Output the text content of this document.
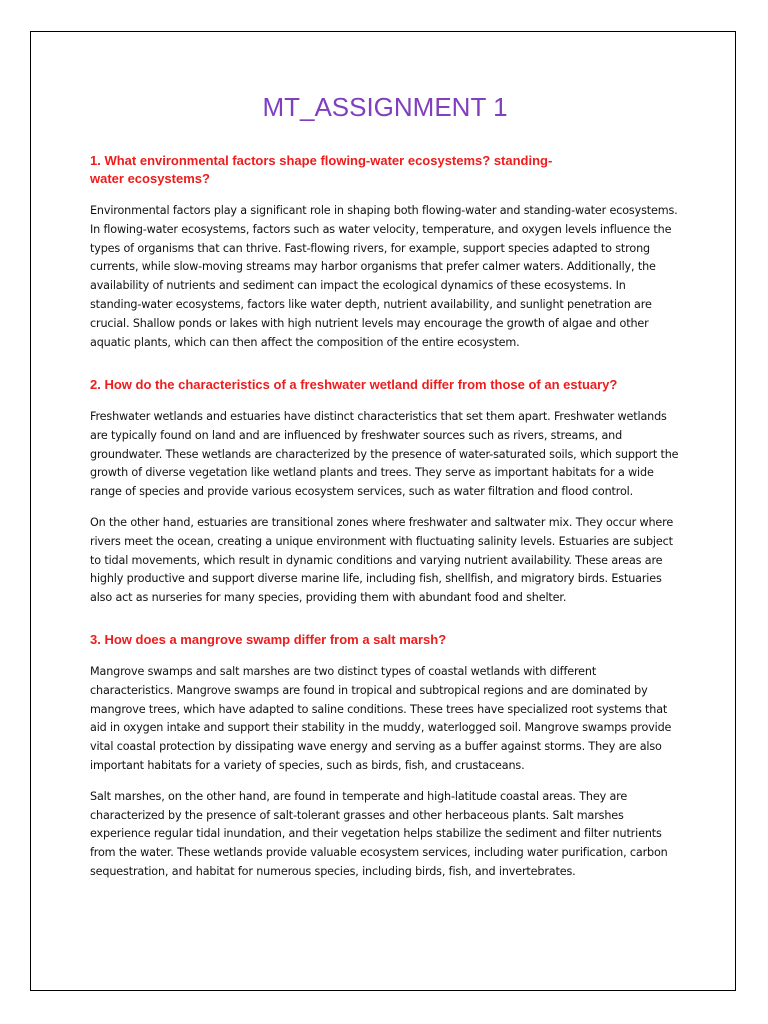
MT_ASSIGNMENT 1

1. What environmental factors shape flowing-water ecosystems? standing-water ecosystems?

Environmental factors play a significant role in shaping both flowing-water and standing-water ecosystems. In flowing-water ecosystems, factors such as water velocity, temperature, and oxygen levels influence the types of organisms that can thrive. Fast-flowing rivers, for example, support species adapted to strong currents, while slow-moving streams may harbor organisms that prefer calmer waters. Additionally, the availability of nutrients and sediment can impact the ecological dynamics of these ecosystems. In standing-water ecosystems, factors like water depth, nutrient availability, and sunlight penetration are crucial. Shallow ponds or lakes with high nutrient levels may encourage the growth of algae and other aquatic plants, which can then affect the composition of the entire ecosystem.

2. How do the characteristics of a freshwater wetland differ from those of an estuary?

Freshwater wetlands and estuaries have distinct characteristics that set them apart. Freshwater wetlands are typically found on land and are influenced by freshwater sources such as rivers, streams, and groundwater. These wetlands are characterized by the presence of water-saturated soils, which support the growth of diverse vegetation like wetland plants and trees. They serve as important habitats for a wide range of species and provide various ecosystem services, such as water filtration and flood control.

On the other hand, estuaries are transitional zones where freshwater and saltwater mix. They occur where rivers meet the ocean, creating a unique environment with fluctuating salinity levels. Estuaries are subject to tidal movements, which result in dynamic conditions and varying nutrient availability. These areas are highly productive and support diverse marine life, including fish, shellfish, and migratory birds. Estuaries also act as nurseries for many species, providing them with abundant food and shelter.

3. How does a mangrove swamp differ from a salt marsh?

Mangrove swamps and salt marshes are two distinct types of coastal wetlands with different characteristics. Mangrove swamps are found in tropical and subtropical regions and are dominated by mangrove trees, which have adapted to saline conditions. These trees have specialized root systems that aid in oxygen intake and support their stability in the muddy, waterlogged soil. Mangrove swamps provide vital coastal protection by dissipating wave energy and serving as a buffer against storms. They are also important habitats for a variety of species, such as birds, fish, and crustaceans.

Salt marshes, on the other hand, are found in temperate and high-latitude coastal areas. They are characterized by the presence of salt-tolerant grasses and other herbaceous plants. Salt marshes experience regular tidal inundation, and their vegetation helps stabilize the sediment and filter nutrients from the water. These wetlands provide valuable ecosystem services, including water purification, carbon sequestration, and habitat for numerous species, including birds, fish, and invertebrates.
